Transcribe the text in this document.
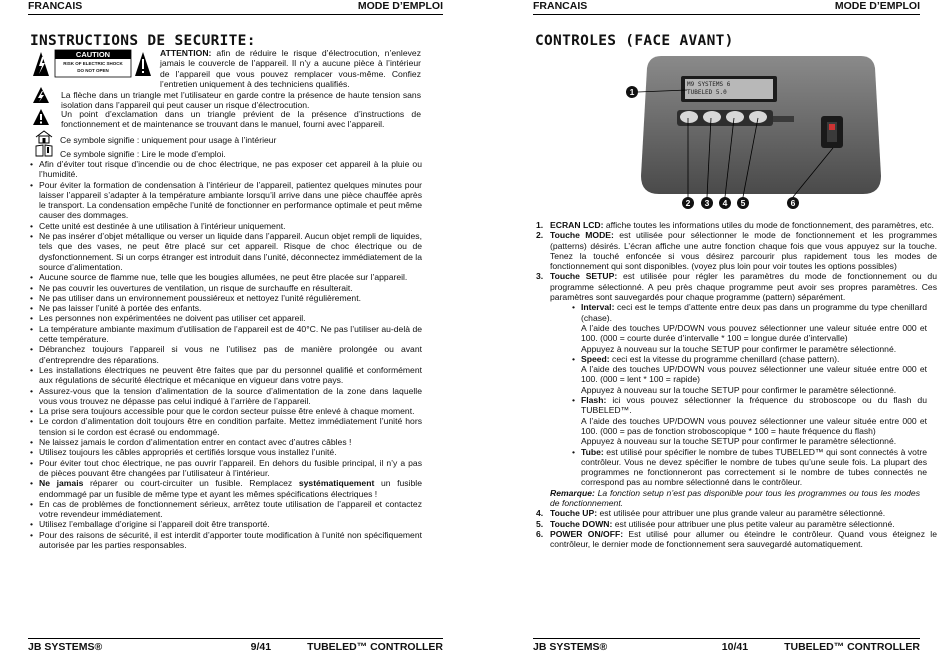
FRANCAIS	MODE D’EMPLOI
INSTRUCTIONS DE SECURITE:
CAUTION
RISK OF ELECTRIC SHOCK
DO NOT OPEN
ATTENTION: afin de réduire le risque d’électrocution, n’enlevez jamais le couvercle de l’appareil. Il n’y a aucune pièce à l’intérieur de l’appareil que vous pouvez remplacer vous-même. Confiez l’entretien uniquement à des techniciens qualifiés.
La flèche dans un triangle met l’utilisateur en garde contre la présence de haute tension sans isolation dans l’appareil qui peut causer un risque d’électrocution.
Un point d’exclamation dans un triangle prévient de la présence d’instructions de fonctionnement et de maintenance se trouvant dans le manuel, fourni avec l’appareil.
Ce symbole signifie : uniquement pour usage à l’intérieur
Ce symbole signifie : Lire le mode d’emploi.
• Afin d’éviter tout risque d’incendie ou de choc électrique, ne pas exposer cet appareil à la pluie ou l’humidité.
• Pour éviter la formation de condensation à l’intérieur de l’appareil, patientez quelques minutes pour laisser l’appareil s’adapter à la température ambiante lorsqu’il arrive dans une pièce chauffée après le transport. La condensation empêche l’unité de fonctionner en performance optimale et peut même causer des dommages.
• Cette unité est destinée à une utilisation à l’intérieur uniquement.
• Ne pas insérer d’objet métallique ou verser un liquide dans l’appareil. Aucun objet rempli de liquides, tels que des vases, ne peut être placé sur cet appareil. Risque de choc électrique ou de dysfonctionnement. Si un corps étranger est introduit dans l’unité, déconnectez immédiatement de la source d’alimentation.
• Aucune source de flamme nue, telle que les bougies allumées, ne peut être placée sur l’appareil.
• Ne pas couvrir les ouvertures de ventilation, un risque de surchauffe en résulterait.
• Ne pas utiliser dans un environnement poussiéreux et nettoyez l’unité régulièrement.
• Ne pas laisser l’unité à portée des enfants.
• Les personnes non expérimentées ne doivent pas utiliser cet appareil.
• La température ambiante maximum d’utilisation de l’appareil est de 40°C. Ne pas l’utiliser au-delà de cette température.
• Débranchez toujours l’appareil si vous ne l’utilisez pas de manière prolongée ou avant d’entreprendre des réparations.
• Les installations électriques ne peuvent être faites que par du personnel qualifié et conformément aux régulations de sécurité électrique et mécanique en vigueur dans votre pays.
• Assurez-vous que la tension d’alimentation de la source d’alimentation de la zone dans laquelle vous vous trouvez ne dépasse pas celui indiqué à l’arrière de l’appareil.
• La prise sera toujours accessible pour que le cordon secteur puisse être enlevé à chaque moment.
• Le cordon d’alimentation doit toujours être en condition parfaite. Mettez immédiatement l’unité hors tension si le cordon est écrasé ou endommagé.
• Ne laissez jamais le cordon d’alimentation entrer en contact avec d’autres câbles !
• Utilisez toujours les câbles appropriés et certifiés lorsque vous installez l’unité.
• Pour éviter tout choc électrique, ne pas ouvrir l’appareil. En dehors du fusible principal, il n’y a pas de pièces pouvant être changées par l’utilisateur à l’intérieur.
• Ne jamais réparer ou court-circuiter un fusible. Remplacez systématiquement un fusible endommagé par un fusible de même type et ayant les mêmes spécifications électriques !
• En cas de problèmes de fonctionnement sérieux, arrêtez toute utilisation de l’appareil et contactez votre revendeur immédiatement.
• Utilisez l’emballage d’origine si l’appareil doit être transporté.
• Pour des raisons de sécurité, il est interdit d’apporter toute modification à l’unité non spécifiquement autorisée par les parties responsables.
JB SYSTEMS®	9/41	TUBELED™ CONTROLLER
FRANCAIS	MODE D’EMPLOI
CONTROLES (FACE AVANT)
M9 SYSTEMS 6
TUBELED 5.0
1
2	3	4	5	6
1. ECRAN LCD: affiche toutes les informations utiles du mode de fonctionnement, des paramètres, etc.
2. Touche MODE: est utilisée pour sélectionner le mode de fonctionnement et les programmes (patterns) désirés. L’écran affiche une autre fonction chaque fois que vous appuyez sur la touche. Tenez la touché enfoncée si vous désirez parcourir plus rapidement tous les modes de fonctionnement qui sont disponibles. (voyez plus loin pour voir toutes les options possibles)
3. Touche SETUP: est utilisée pour régler les paramètres du mode de fonctionnement ou du programme sélectionné. A peu près chaque programme peut avoir ses propres paramètres. Ces paramètres sont sauvegardés pour chaque programme (pattern) séparément.
• Interval: ceci est le temps d’attente entre deux pas dans un programme du type chenillard (chase).
A l’aide des touches UP/DOWN vous pouvez sélectionner une valeur située entre 000 et 100. (000 = courte durée d’intervalle * 100 = longue durée d’intervalle)
Appuyez à nouveau sur la touche SETUP pour confirmer le paramètre sélectionné.
• Speed: ceci est la vitesse du programme chenillard (chase pattern).
A l’aide des touches UP/DOWN vous pouvez sélectionner une valeur située entre 000 et 100. (000 = lent * 100 = rapide)
Appuyez à nouveau sur la touche SETUP pour confirmer le paramètre sélectionné.
• Flash: ici vous pouvez sélectionner la fréquence du stroboscope ou du flash du TUBELED™.
A l’aide des touches UP/DOWN vous pouvez sélectionner une valeur située entre 000 et 100. (000 = pas de fonction stroboscopique * 100 = haute fréquence du flash)
Appuyez à nouveau sur la touche SETUP pour confirmer le paramètre sélectionné.
• Tube: est utilisé pour spécifier le nombre de tubes TUBELED™ qui sont connectés à votre contrôleur. Vous ne devez spécifier le nombre de tubes qu’une seule fois. La plupart des programmes ne fonctionneront pas correctement si le nombre de tubes connectés ne correspond pas au nombre sélectionné dans le contrôleur.
Remarque: La fonction setup n’est pas disponible pour tous les programmes ou tous les modes de fonctionnement.
4. Touche UP: est utilisée pour attribuer une plus grande valeur au paramètre sélectionné.
5. Touche DOWN: est utilisée pour attribuer une plus petite valeur au paramètre sélectionné.
6. POWER ON/OFF: Est utilisé pour allumer ou éteindre le contrôleur. Quand vous éteignez le contrôleur, le dernier mode de fonctionnement sera sauvegardé automatiquement.
JB SYSTEMS®	10/41	TUBELED™ CONTROLLER
